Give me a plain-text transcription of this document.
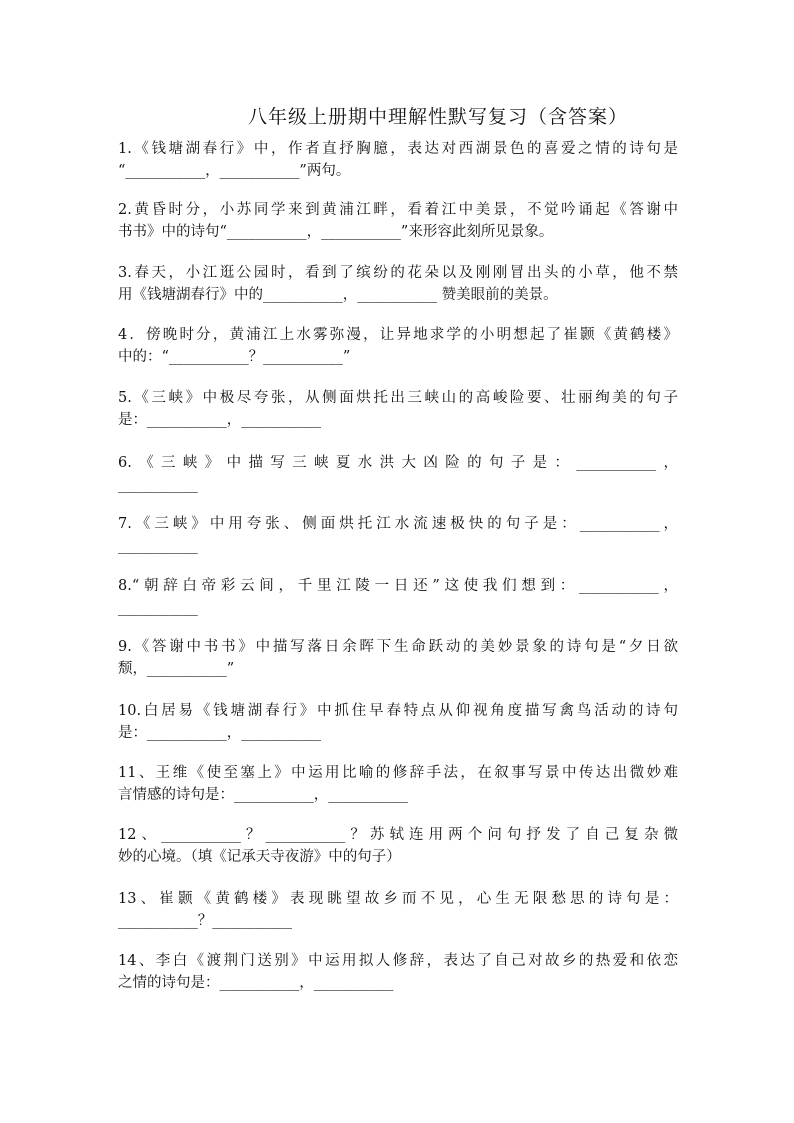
八年级上册期中理解性默写复习（含答案）
1.《钱塘湖春行》中，作者直抒胸臆，表达对西湖景色的喜爱之情的诗句是
“___________，___________”两句。
2.黄昏时分，小苏同学来到黄浦江畔，看着江中美景，不觉吟诵起《答谢中
书书》中的诗句“___________，___________”来形容此刻所见景象。
3.春天，小江逛公园时，看到了缤纷的花朵以及刚刚冒出头的小草，他不禁
用《钱塘湖春行》中的___________，___________ 赞美眼前的美景。
4．傍晚时分，黄浦江上水雾弥漫，让异地求学的小明想起了崔颢《黄鹤楼》
中的：“___________？___________”
5.《三峡》中极尽夸张，从侧面烘托出三峡山的高峻险要、壮丽绚美的句子
是：___________，___________
6.《三峡》中描写三峡夏水洪大凶险的句子是：___________，
___________
7.《三峡》中用夸张、侧面烘托江水流速极快的句子是：___________，
___________
8.“朝辞白帝彩云间，千里江陵一日还”这使我们想到：___________，
___________
9.《答谢中书书》中描写落日余晖下生命跃动的美妙景象的诗句是“夕日欲
颓，___________”
10.白居易《钱塘湖春行》中抓住早春特点从仰视角度描写禽鸟活动的诗句
是：___________，___________
11、王维《使至塞上》中运用比喻的修辞手法，在叙事写景中传达出微妙难
言情感的诗句是：___________，___________
12、___________？___________？苏轼连用两个问句抒发了自己复杂微
妙的心境。（填《记承天寺夜游》中的句子）
13、崔颢《黄鹤楼》表现眺望故乡而不见，心生无限愁思的诗句是：
___________？___________
14、李白《渡荆门送别》中运用拟人修辞，表达了自己对故乡的热爱和依恋
之情的诗句是：___________，___________
